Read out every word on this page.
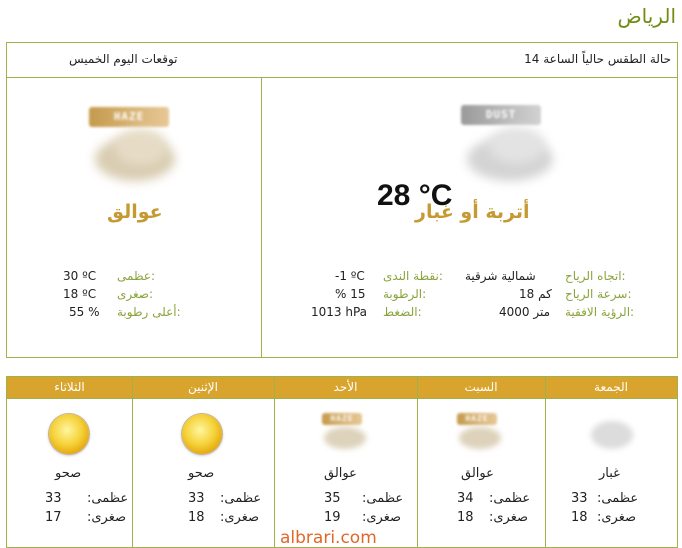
الرياض
حالة الطقس حالياً الساعة 14
توقعات اليوم الخميس
HAZE
عوالق
عظمى:
30 ºC
صغرى:
18 ºC
أعلى رطوبة:
55 %
28 °C
DUST
أتربة أو غبار
اتجاه الرياح:
شمالية شرقية
نقطة الندى:
-1 ºC
سرعة الرياح:
كم 18
الرطوبة:
% 15
الرؤية الافقية:
4000 متر
الضغط:
1013 hPa
الثلاثاء
صحو
عظمى:
33
صغرى:
17
الإثنين
صحو
عظمى:
33
صغرى:
18
الأحد
HAZE
عوالق
عظمى:
35
صغرى:
19
السبت
HAZE
عوالق
عظمى:
34
صغرى:
18
الجمعة
غبار
عظمى:
33
صغرى:
18
albrari.com
